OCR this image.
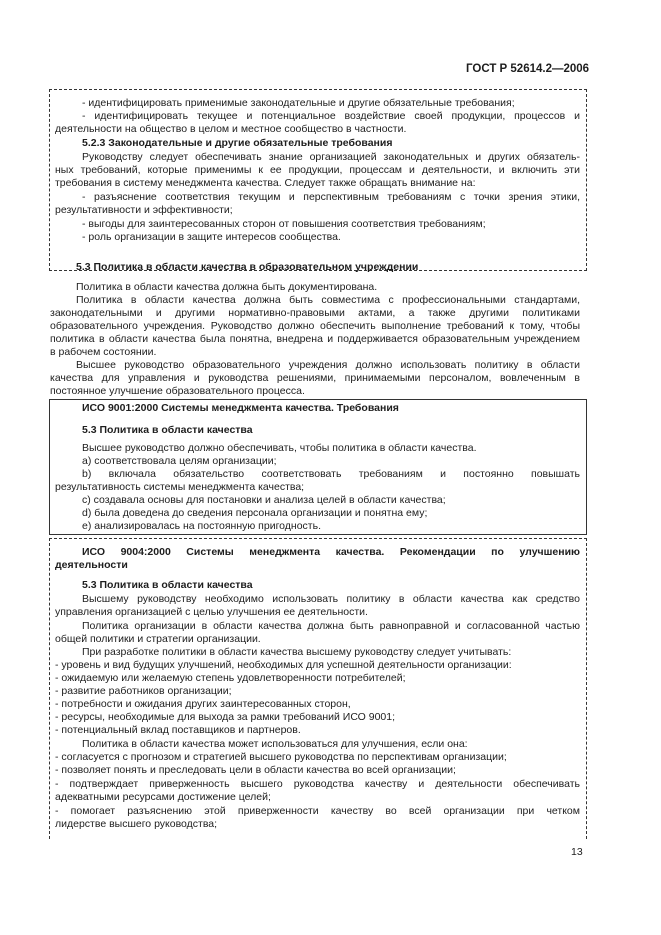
ГОСТ Р 52614.2—2006
- идентифицировать применимые законодательные и другие обязательные требования;
- идентифицировать текущее и потенциальное воздействие своей продукции, процессов и
деятельности на общество в целом и местное сообщество в частности.
5.2.3 Законодательные и другие обязательные требования
Руководству следует обеспечивать знание организацией законодательных и других обязатель-
ных требований, которые применимы к ее продукции, процессам и деятельности, и включить эти
требования в систему менеджмента качества. Следует также обращать внимание на:
- разъяснение соответствия текущим и перспективным требованиям с точки зрения этики,
результативности и эффективности;
- выгоды для заинтересованных сторон от повышения соответствия требованиям;
- роль организации в защите интересов сообщества.
5.3 Политика в области качества в образовательном учреждении
Политика в области качества должна быть документирована.
Политика в области качества должна быть совместима с профессиональными стандартами,
законодательными и другими нормативно-правовыми актами, а также другими политиками
образовательного учреждения. Руководство должно обеспечить выполнение требований к тому, чтобы
политика в области качества была понятна, внедрена и поддерживается образовательным учреждением
в рабочем состоянии.
Высшее руководство образовательного учреждения должно использовать политику в области
качества для управления и руководства решениями, принимаемыми персоналом, вовлеченным в
постоянное улучшение образовательного процесса.
ИСО 9001:2000 Системы менеджмента качества. Требования
5.3 Политика в области качества
Высшее руководство должно обеспечивать, чтобы политика в области качества.
а) соответствовала целям организации;
b) включала обязательство соответствовать требованиям и постоянно повышать
результативность системы менеджмента качества;
c) создавала основы для постановки и анализа целей в области качества;
d) была доведена до сведения персонала организации и понятна ему;
e) анализировалась на постоянную пригодность.
ИСО 9004:2000 Системы менеджмента качества. Рекомендации по улучшению
деятельности
5.3 Политика в области качества
Высшему руководству необходимо использовать политику в области качества как средство
управления организацией с целью улучшения ее деятельности.
Политика организации в области качества должна быть равноправной и согласованной частью
общей политики и стратегии организации.
При разработке политики в области качества высшему руководству следует учитывать:
- уровень и вид будущих улучшений, необходимых для успешной деятельности организации:
- ожидаемую или желаемую степень удовлетворенности потребителей;
- развитие работников организации;
- потребности и ожидания других заинтересованных сторон,
- ресурсы, необходимые для выхода за рамки требований ИСО 9001;
- потенциальный вклад поставщиков и партнеров.
Политика в области качества может использоваться для улучшения, если она:
- согласуется с прогнозом и стратегией высшего руководства по перспективам организации;
- позволяет понять и преследовать цели в области качества во всей организации;
- подтверждает приверженность высшего руководства качеству и деятельности обеспечивать
адекватными ресурсами достижение целей;
- помогает разъяснению этой приверженности качеству во всей организации при четком
лидерстве высшего руководства;
13
